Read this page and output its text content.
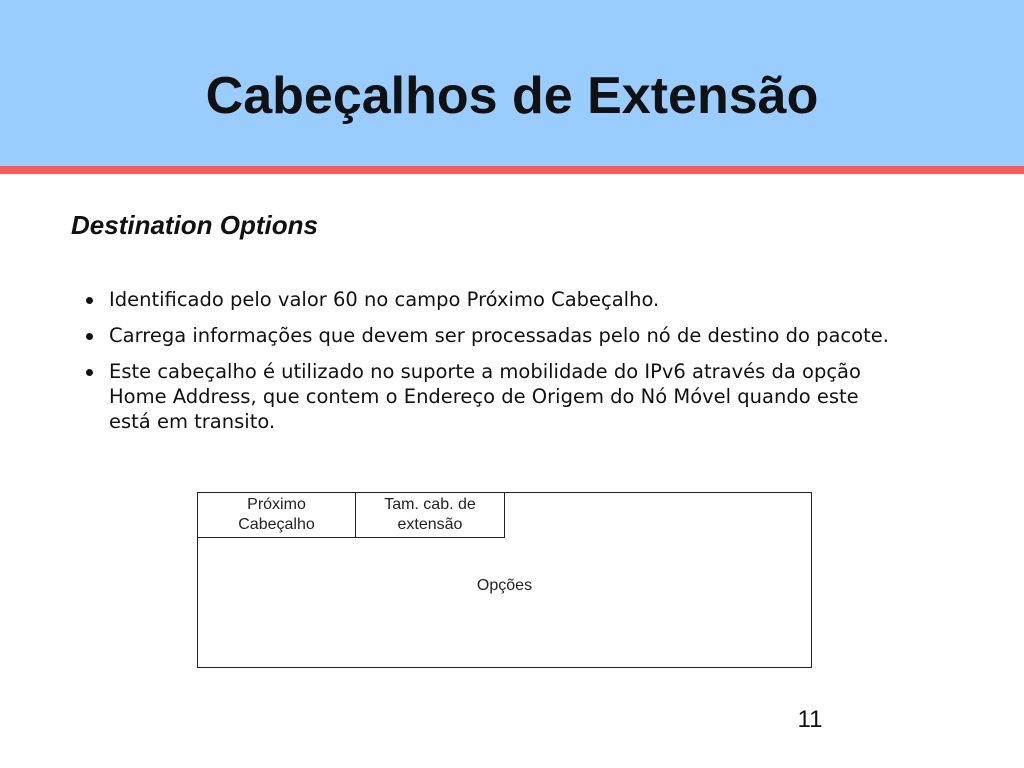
Cabeçalhos de Extensão
Destination Options
Identificado pelo valor 60 no campo Próximo Cabeçalho.
Carrega informações que devem ser processadas pelo nó de destino do pacote.
Este cabeçalho é utilizado no suporte a mobilidade do IPv6 através da opção Home Address, que contem o Endereço de Origem do Nó Móvel quando este está em transito.
Próximo
Cabeçalho
Tam. cab. de
extensão
Opções
11
